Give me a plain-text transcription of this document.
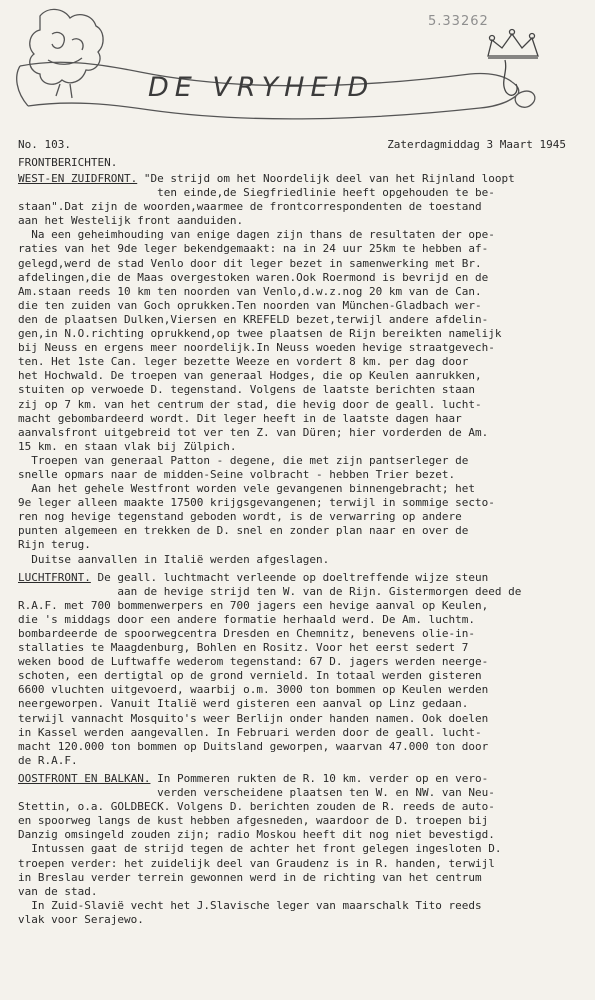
5.33262
DE VRYHEID
No. 103.	Zaterdagmiddag 3 Maart 1945
FRONTBERICHTEN.
WEST-EN ZUIDFRONT. "De strijd om het Noordelijk deel van het Rijnland loopt
ten einde,de Siegfriedlinie heeft opgehouden te be-
staan".Dat zijn de woorden,waarmee de frontcorrespondenten de toestand
aan het Westelijk front aanduiden.
Na een geheimhouding van enige dagen zijn thans de resultaten der ope-
raties van het 9de leger bekendgemaakt: na in 24 uur 25km te hebben af-
gelegd,werd de stad Venlo door dit leger bezet in samenwerking met Br.
afdelingen,die de Maas overgestoken waren.Ook Roermond is bevrijd en de
Am.staan reeds 10 km ten noorden van Venlo,d.w.z.nog 20 km van de Can.
die ten zuiden van Goch oprukken.Ten noorden van München-Gladbach wer-
den de plaatsen Dulken,Viersen en KREFELD bezet,terwijl andere afdelin-
gen,in N.O.richting oprukkend,op twee plaatsen de Rijn bereikten namelijk
bij Neuss en ergens meer noordelijk.In Neuss woeden hevige straatgevech-
ten. Het 1ste Can. leger bezette Weeze en vordert 8 km. per dag door
het Hochwald. De troepen van generaal Hodges, die op Keulen aanrukken,
stuiten op verwoede D. tegenstand. Volgens de laatste berichten staan
zij op 7 km. van het centrum der stad, die hevig door de geall. lucht-
macht gebombardeerd wordt. Dit leger heeft in de laatste dagen haar
aanvalsfront uitgebreid tot ver ten Z. van Düren; hier vorderden de Am.
15 km. en staan vlak bij Zülpich.
Troepen van generaal Patton - degene, die met zijn pantserleger de
snelle opmars naar de midden-Seine volbracht - hebben Trier bezet.
Aan het gehele Westfront worden vele gevangenen binnengebracht; het
9e leger alleen maakte 17500 krijgsgevangenen; terwijl in sommige secto-
ren nog hevige tegenstand geboden wordt, is de verwarring op andere
punten algemeen en trekken de D. snel en zonder plan naar en over de
Rijn terug.
Duitse aanvallen in Italië werden afgeslagen.
LUCHTFRONT. De geall. luchtmacht verleende op doeltreffende wijze steun
aan de hevige strijd ten W. van de Rijn. Gistermorgen deed de
R.A.F. met 700 bommenwerpers en 700 jagers een hevige aanval op Keulen,
die 's middags door een andere formatie herhaald werd. De Am. luchtm.
bombardeerde de spoorwegcentra Dresden en Chemnitz, benevens olie-in-
stallaties te Maagdenburg, Bohlen en Rositz. Voor het eerst sedert 7
weken bood de Luftwaffe wederom tegenstand: 67 D. jagers werden neerge-
schoten, een dertigtal op de grond vernield. In totaal werden gisteren
6600 vluchten uitgevoerd, waarbij o.m. 3000 ton bommen op Keulen werden
neergeworpen. Vanuit Italië werd gisteren een aanval op Linz gedaan.
terwijl vannacht Mosquito's weer Berlijn onder handen namen. Ook doelen
in Kassel werden aangevallen. In Februari werden door de geall. lucht-
macht 120.000 ton bommen op Duitsland geworpen, waarvan 47.000 ton door
de R.A.F.
OOSTFRONT EN BALKAN. In Pommeren rukten de R. 10 km. verder op en vero-
verden verscheidene plaatsen ten W. en NW. van Neu-
Stettin, o.a. GOLDBECK. Volgens D. berichten zouden de R. reeds de auto-
en spoorweg langs de kust hebben afgesneden, waardoor de D. troepen bij
Danzig omsingeld zouden zijn; radio Moskou heeft dit nog niet bevestigd.
Intussen gaat de strijd tegen de achter het front gelegen ingesloten D.
troepen verder: het zuidelijk deel van Graudenz is in R. handen, terwijl
in Breslau verder terrein gewonnen werd in de richting van het centrum
van de stad.
In Zuid-Slavië vecht het J.Slavische leger van maarschalk Tito reeds
vlak voor Serajewo.
